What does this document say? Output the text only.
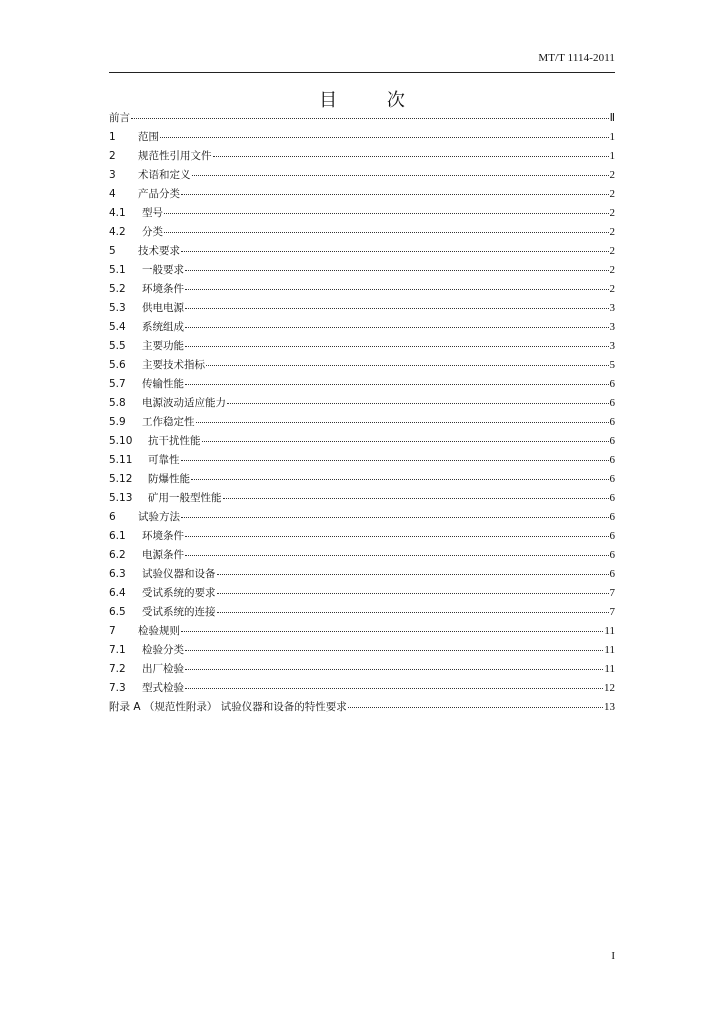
MT/T 1114-2011
目 次
前言	Ⅱ
1	范围	1
2	规范性引用文件	1
3	术语和定义	2
4	产品分类	2
4.1	型号	2
4.2	分类	2
5	技术要求	2
5.1	一般要求	2
5.2	环境条件	2
5.3	供电电源	3
5.4	系统组成	3
5.5	主要功能	3
5.6	主要技术指标	5
5.7	传输性能	6
5.8	电源波动适应能力	6
5.9	工作稳定性	6
5.10	抗干扰性能	6
5.11	可靠性	6
5.12	防爆性能	6
5.13	矿用一般型性能	6
6	试验方法	6
6.1	环境条件	6
6.2	电源条件	6
6.3	试验仪器和设备	6
6.4	受试系统的要求	7
6.5	受试系统的连接	7
7	检验规则	11
7.1	检验分类	11
7.2	出厂检验	11
7.3	型式检验	12
附录 A （规范性附录） 试验仪器和设备的特性要求	13
I
